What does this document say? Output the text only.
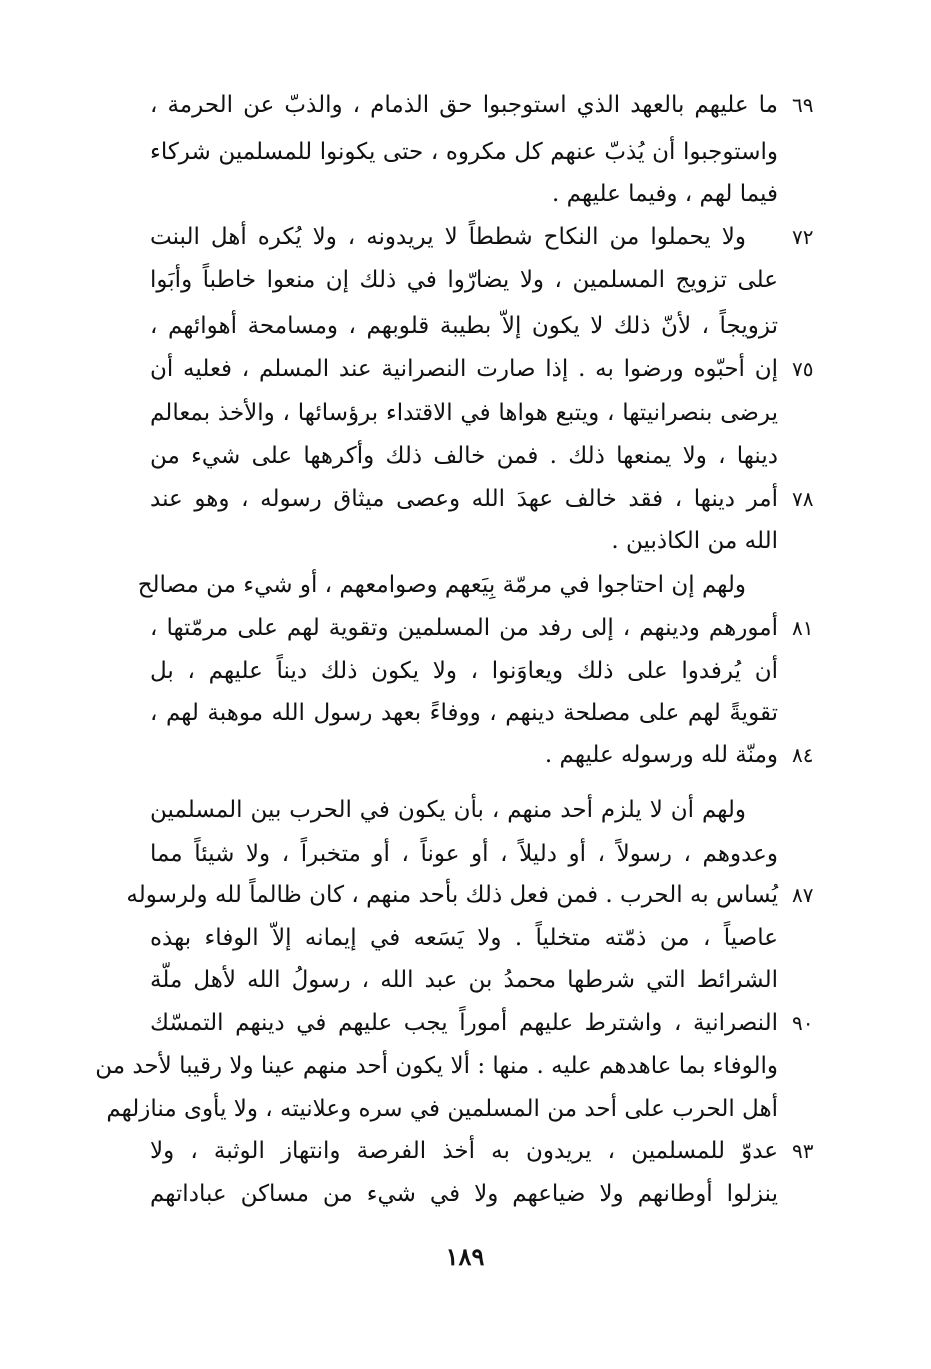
ما عليهم بالعهد الذي استوجبوا حق الذمام ، والذبّ عن الحرمة ، ٦٩
واستوجبوا أن يُذبّ عنهم كل مكروه ، حتى يكونوا للمسلمين شركاء
فيما لهم ، وفيما عليهم .
ولا يحملوا من النكاح شططاً لا يريدونه ، ولا يُكره أهل البنت ٧٢
على تزويج المسلمين ، ولا يضارّوا في ذلك إن منعوا خاطباً وأبَوا
تزويجاً ، لأنّ ذلك لا يكون إلاّ بطيبة قلوبهم ، ومسامحة أهوائهم ،
إن أحبّوه ورضوا به . إذا صارت النصرانية عند المسلم ، فعليه أن ٧٥
يرضى بنصرانيتها ، ويتبع هواها في الاقتداء برؤسائها ، والأخذ بمعالم
دينها ، ولا يمنعها ذلك . فمن خالف ذلك وأكرهها على شيء من
أمر دينها ، فقد خالف عهدَ الله وعصى ميثاق رسوله ، وهو عند ٧٨
الله من الكاذبين .
ولهم إن احتاجوا في مرمّة بِيَعهم وصوامعهم ، أو شيء من مصالح
أمورهم ودينهم ، إلى رفد من المسلمين وتقوية لهم على مرمّتها ، ٨١
أن يُرفدوا على ذلك ويعاوَنوا ، ولا يكون ذلك ديناً عليهم ، بل
تقويةً لهم على مصلحة دينهم ، ووفاءً بعهد رسول الله موهبة لهم ،
ومنّة لله ورسوله عليهم . ٨٤
ولهم أن لا يلزم أحد منهم ، بأن يكون في الحرب بين المسلمين
وعدوهم ، رسولاً ، أو دليلاً ، أو عوناً ، أو متخبراً ، ولا شيئاً مما
يُساس به الحرب . فمن فعل ذلك بأحد منهم ، كان ظالماً لله ولرسوله ٨٧
عاصياً ، من ذمّته متخلياً . ولا يَسَعه في إيمانه إلاّ الوفاء بهذه
الشرائط التي شرطها محمدُ بن عبد الله ، رسولُ الله لأهل ملّة
النصرانية ، واشترط عليهم أموراً يجب عليهم في دينهم التمسّك ٩٠
والوفاء بما عاهدهم عليه . منها : ألا يكون أحد منهم عينا ولا رقيبا لأحد من
أهل الحرب على أحد من المسلمين في سره وعلانيته ، ولا يأوى منازلهم
عدوّ للمسلمين ، يريدون به أخذ الفرصة وانتهاز الوثبة ، ولا ٩٣
ينزلوا أوطانهم ولا ضياعهم ولا في شيء من مساكن عباداتهم
١٨٩
